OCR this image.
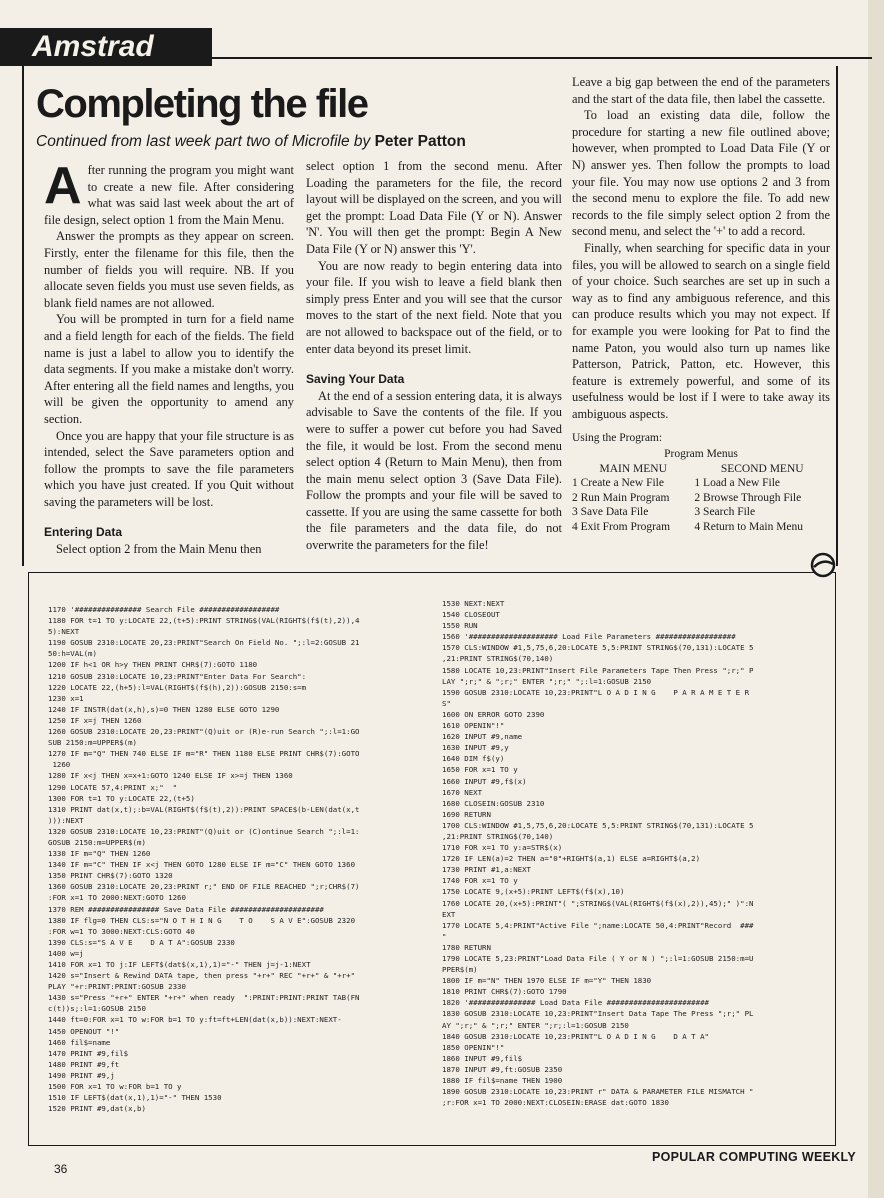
Amstrad
Completing the file
Continued from last week part two of Microfile by Peter Patton

After running the program you might want to create a new file. After considering what was said last week about the art of file design, select option 1 from the Main Menu.

Answer the prompts as they appear on screen. Firstly, enter the filename for this file, then the number of fields you will require. NB. If you allocate seven fields you must use seven fields, as blank field names are not allowed.

You will be prompted in turn for a field name and a field length for each of the fields. The field name is just a label to allow you to identify the data segments. If you make a mistake don't worry. After entering all the field names and lengths, you will be given the opportunity to amend any section.

Once you are happy that your file structure is as intended, select the Save parameters option and follow the prompts to save the file parameters which you have just created. If you Quit without saving the parameters will be lost.

Entering Data

Select option 2 from the Main Menu then

select option 1 from the second menu. After Loading the parameters for the file, the record layout will be displayed on the screen, and you will get the prompt: Load Data File (Y or N). Answer 'N'. You will then get the prompt: Begin A New Data File (Y or N) answer this 'Y'.

You are now ready to begin entering data into your file. If you wish to leave a field blank then simply press Enter and you will see that the cursor moves to the start of the next field. Note that you are not allowed to backspace out of the field, or to enter data beyond its preset limit.

Saving Your Data

At the end of a session entering data, it is always advisable to Save the contents of the file. If you were to suffer a power cut before you had Saved the file, it would be lost. From the second menu select option 4 (Return to Main Menu), then from the main menu select option 3 (Save Data File). Follow the prompts and your file will be saved to cassette. If you are using the same cassette for both the file parameters and the data file, do not overwrite the parameters for the file!

Leave a big gap between the end of the parameters and the start of the data file, then label the cassette.

To load an existing data dile, follow the procedure for starting a new file outlined above; however, when prompted to Load Data File (Y or N) answer yes. Then follow the prompts to load your file. You may now use options 2 and 3 from the second menu to explore the file. To add new records to the file simply select option 2 from the second menu, and select the '+' to add a record.

Finally, when searching for specific data in your files, you will be allowed to search on a single field of your choice. Such searches are set up in such a way as to find any ambiguous reference, and this can produce results which you may not expect. If for example you were looking for Pat to find the name Paton, you would also turn up names like Patterson, Patrick, Patton, etc. However, this feature is extremely powerful, and some of its usefulness would be lost if I were to take away its ambiguous aspects.

Using the Program:
Program Menus	
MAIN MENU	SECOND MENU
1 Create a New File	1 Load a New File
2 Run Main Program	2 Browse Through File
3 Save Data File	3 Search File
4 Exit From Program	4 Return to Main Menu
1170 '############### Search File ##################
1180 FOR t=1 TO y:LOCATE 22,(t+5):PRINT STRING$(VAL(RIGHT$(f$(t),2)),4
5):NEXT
1190 GOSUB 2310:LOCATE 20,23:PRINT"Search On Field No. ";:l=2:GOSUB 21
50:h=VAL(m)
1200 IF h<1 OR h>y THEN PRINT CHR$(7):GOTO 1180
1210 GOSUB 2310:LOCATE 10,23:PRINT"Enter Data For Search":
1220 LOCATE 22,(h+5):l=VAL(RIGHT$(f$(h),2)):GOSUB 2150:s=m
1230 x=1
1240 IF INSTR(dat(x,h),s)=0 THEN 1280 ELSE GOTO 1290
1250 IF x=j THEN 1260
1260 GOSUB 2310:LOCATE 20,23:PRINT"(Q)uit or (R)e-run Search ";:l=1:GO
SUB 2150:m=UPPER$(m)
1270 IF m="Q" THEN 740 ELSE IF m="R" THEN 1180 ELSE PRINT CHR$(7):GOTO
1260
1280 IF x<j THEN x=x+1:GOTO 1240 ELSE IF x>=j THEN 1360
1290 LOCATE 57,4:PRINT x;"  "
1300 FOR t=1 TO y:LOCATE 22,(t+5)
1310 PRINT dat(x,t);:b=VAL(RIGHT$(f$(t),2)):PRINT SPACE$(b-LEN(dat(x,t
))):NEXT
1320 GOSUB 2310:LOCATE 10,23:PRINT"(Q)uit or (C)ontinue Search ";:l=1:
GOSUB 2150:m=UPPER$(m)
1330 IF m="Q" THEN 1260
1340 IF m="C" THEN IF x<j THEN GOTO 1280 ELSE IF m="C" THEN GOTO 1360
1350 PRINT CHR$(7):GOTO 1320
1360 GOSUB 2310:LOCATE 20,23:PRINT r;" END OF FILE REACHED ";r;CHR$(7)
:FOR x=1 TO 2000:NEXT:GOTO 1260
1370 REM ################ Save Data File #####################
1380 IF flg=0 THEN CLS:s="N O T H I N G    T O    S A V E":GOSUB 2320
:FOR w=1 TO 3000:NEXT:CLS:GOTO 40
1390 CLS:s="S A V E    D A T A":GOSUB 2330
1400 w=j
1410 FOR x=1 TO j:IF LEFT$(dat$(x,1),1)="-" THEN j=j-1:NEXT
1420 s="Insert & Rewind DATA tape, then press "+r+" REC "+r+" & "+r+"
PLAY "+r:PRINT:PRINT:GOSUB 2330
1430 s="Press "+r+" ENTER "+r+" when ready  ":PRINT:PRINT:PRINT TAB(FN
c(t))s;:l=1:GOSUB 2150
1440 ft=0:FOR x=1 TO w:FOR b=1 TO y:ft=ft+LEN(dat(x,b)):NEXT:NEXT-
1450 OPENOUT "!"
1460 fil$=name
1470 PRINT #9,fil$
1480 PRINT #9,ft
1490 PRINT #9,j
1500 FOR x=1 TO w:FOR b=1 TO y
1510 IF LEFT$(dat(x,1),1)="-" THEN 1530
1520 PRINT #9,dat(x,b)
1530 NEXT:NEXT
1540 CLOSEOUT
1550 RUN
1560 '#################### Load File Parameters ##################
1570 CLS:WINDOW #1,5,75,6,20:LOCATE 5,5:PRINT STRING$(70,131):LOCATE 5
,21:PRINT STRING$(70,140)
1580 LOCATE 10,23:PRINT"Insert File Parameters Tape Then Press ";r;" P
LAY ";r;" & ";r;" ENTER ";r;" ";:l=1:GOSUB 2150
1590 GOSUB 2310:LOCATE 10,23:PRINT"L O A D I N G    P A R A M E T E R
S"
1600 ON ERROR GOTO 2390
1610 OPENIN"!"
1620 INPUT #9,name
1630 INPUT #9,y
1640 DIM f$(y)
1650 FOR x=1 TO y
1660 INPUT #9,f$(x)
1670 NEXT
1680 CLOSEIN:GOSUB 2310
1690 RETURN
1700 CLS:WINDOW #1,5,75,6,20:LOCATE 5,5:PRINT STRING$(70,131):LOCATE 5
,21:PRINT STRING$(70,140)
1710 FOR x=1 TO y:a=STR$(x)
1720 IF LEN(a)=2 THEN a="0"+RIGHT$(a,1) ELSE a=RIGHT$(a,2)
1730 PRINT #1,a:NEXT
1740 FOR x=1 TO y
1750 LOCATE 9,(x+5):PRINT LEFT$(f$(x),10)
1760 LOCATE 20,(x+5):PRINT"( ";STRING$(VAL(RIGHT$(f$(x),2)),45);" )":N
EXT
1770 LOCATE 5,4:PRINT"Active File ";name:LOCATE 50,4:PRINT"Record  ###
"
1780 RETURN
1790 LOCATE 5,23:PRINT"Load Data File ( Y or N ) ";:l=1:GOSUB 2150:m=U
PPER$(m)
1800 IF m="N" THEN 1970 ELSE IF m="Y" THEN 1830
1810 PRINT CHR$(7):GOTO 1790
1820 '############### Load Data File #######################
1830 GOSUB 2310:LOCATE 10,23:PRINT"Insert Data Tape The Press ";r;" PL
AY ";r;" & ";r;" ENTER ";r;:l=1:GOSUB 2150
1840 GOSUB 2310:LOCATE 10,23:PRINT"L O A D I N G    D A T A"
1850 OPENIN"!"
1860 INPUT #9,fil$
1870 INPUT #9,ft:GOSUB 2350
1880 IF fil$=name THEN 1900
1890 GOSUB 2310:LOCATE 10,23:PRINT r" DATA & PARAMETER FILE MISMATCH "
;r:FOR x=1 TO 2000:NEXT:CLOSEIN:ERASE dat:GOTO 1830
36
POPULAR COMPUTING WEEKLY
